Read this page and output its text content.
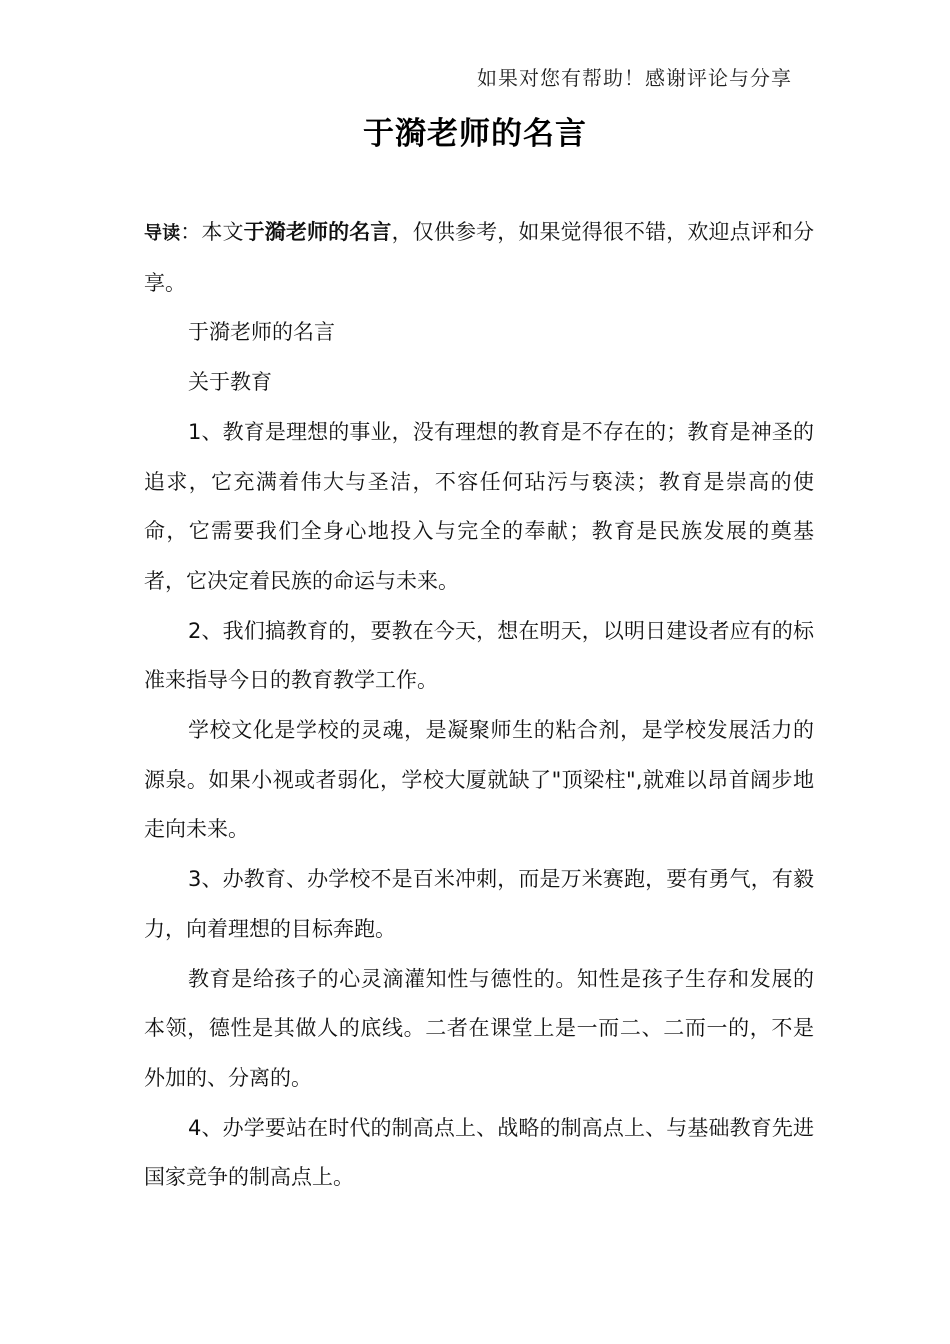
如果对您有帮助！感谢评论与分享
于漪老师的名言

导读：本文于漪老师的名言，仅供参考，如果觉得很不错，欢迎点评和分享。

于漪老师的名言

关于教育

1、教育是理想的事业，没有理想的教育是不存在的；教育是神圣的追求，它充满着伟大与圣洁，不容任何玷污与亵渎；教育是崇高的使命，它需要我们全身心地投入与完全的奉献；教育是民族发展的奠基者，它决定着民族的命运与未来。

2、我们搞教育的，要教在今天，想在明天，以明日建设者应有的标准来指导今日的教育教学工作。

学校文化是学校的灵魂，是凝聚师生的粘合剂，是学校发展活力的源泉。如果小视或者弱化，学校大厦就缺了"顶梁柱",就难以昂首阔步地走向未来。

3、办教育、办学校不是百米冲刺，而是万米赛跑，要有勇气，有毅力，向着理想的目标奔跑。

教育是给孩子的心灵滴灌知性与德性的。知性是孩子生存和发展的本领，德性是其做人的底线。二者在课堂上是一而二、二而一的，不是外加的、分离的。

4、办学要站在时代的制高点上、战略的制高点上、与基础教育先进国家竞争的制高点上。
